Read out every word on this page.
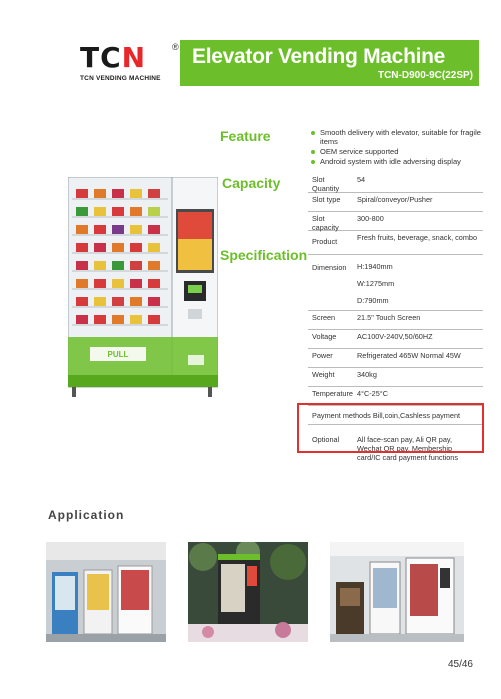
TCN	®
TCN VENDING MACHINE
Elevator Vending Machine
TCN-D900-9C(22SP)
Feature
Capacity
Specification
PULL
Smooth delivery with elevator, suitable for fragile items
OEM service supported
Android system with idle adversing display
Slot Quantity
54
Slot type	Spiral/conveyor/Pusher
Slot capacity
300-800
Product	Fresh fruits, beverage, snack, combo
Dimension	H:1940mm
W:1275mm
D:790mm
Screen	21.5" Touch Screen
Voltage	AC100V-240V,50/60HZ
Power	Refrigerated 465W Normal 45W
Weight	340kg
Temperature 4°C-25°C
Payment methods Bill,coin,Cashless payment
Optional	All face-scan pay, Ali QR pay, Wechat QR pay, Membership card/IC card payment functions
Application
45/46
